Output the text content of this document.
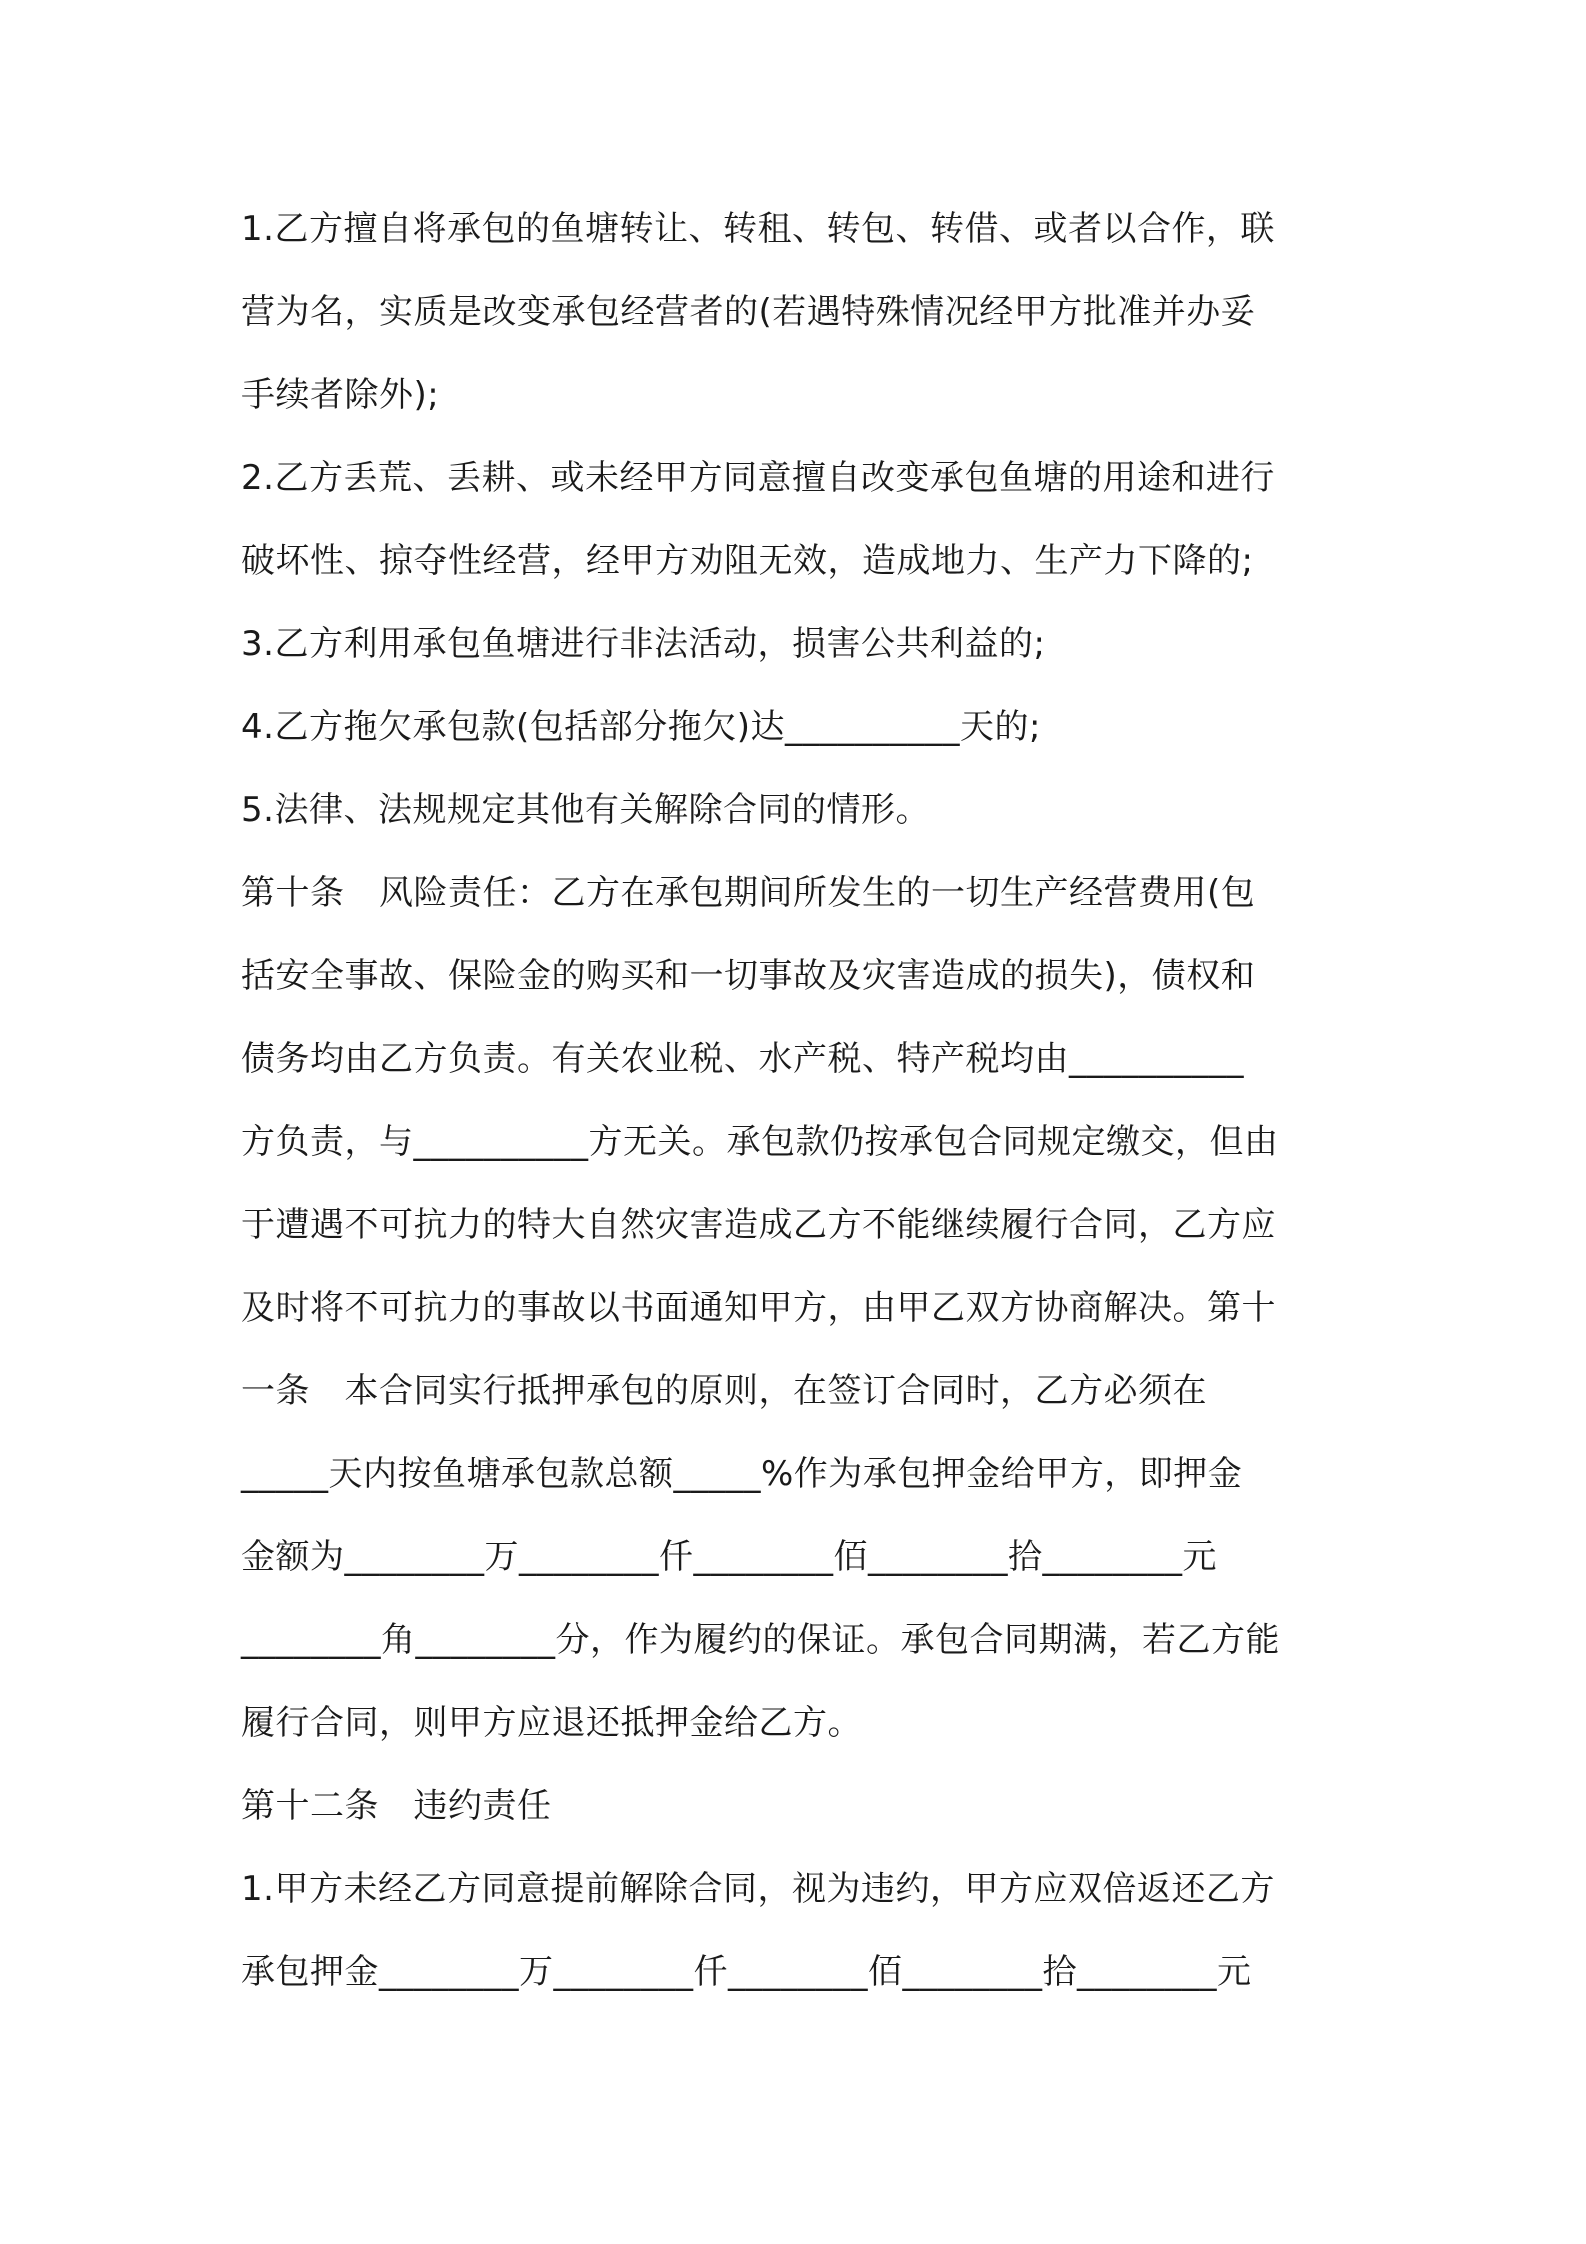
1.乙方擅自将承包的鱼塘转让、转租、转包、转借、或者以合作，联
营为名，实质是改变承包经营者的(若遇特殊情况经甲方批准并办妥
手续者除外);
2.乙方丢荒、丢耕、或未经甲方同意擅自改变承包鱼塘的用途和进行
破坏性、掠夺性经营，经甲方劝阻无效，造成地力、生产力下降的;
3.乙方利用承包鱼塘进行非法活动，损害公共利益的;
4.乙方拖欠承包款(包括部分拖欠)达__________天的;
5.法律、法规规定其他有关解除合同的情形。
第十条　风险责任：乙方在承包期间所发生的一切生产经营费用(包
括安全事故、保险金的购买和一切事故及灾害造成的损失)，债权和
债务均由乙方负责。有关农业税、水产税、特产税均由__________
方负责，与__________方无关。承包款仍按承包合同规定缴交，但由
于遭遇不可抗力的特大自然灾害造成乙方不能继续履行合同，乙方应
及时将不可抗力的事故以书面通知甲方，由甲乙双方协商解决。第十
一条　本合同实行抵押承包的原则，在签订合同时，乙方必须在
_____天内按鱼塘承包款总额_____%作为承包押金给甲方，即押金
金额为________万________仟________佰________拾________元
________角________分，作为履约的保证。承包合同期满，若乙方能
履行合同，则甲方应退还抵押金给乙方。
第十二条　违约责任
1.甲方未经乙方同意提前解除合同，视为违约，甲方应双倍返还乙方
承包押金________万________仟________佰________拾________元
